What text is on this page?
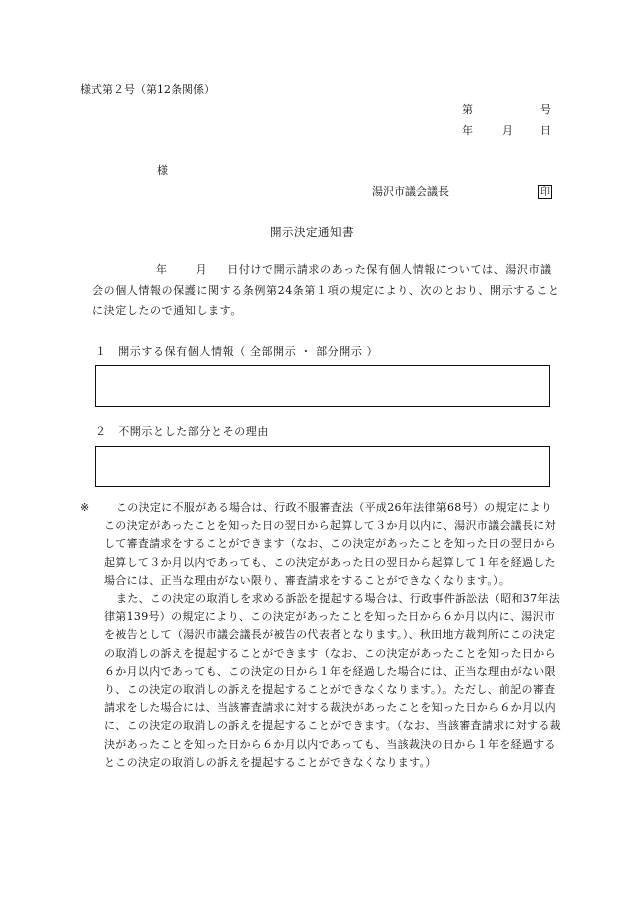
様式第２号（第12条関係）
第	号
年	月 日
様
湯沢市議会議長	印
開示決定通知書
年	月 日付けで開示請求のあった保有個人情報については、湯沢市議会の個人情報の保護に関する条例第24条第１項の規定により、次のとおり、開示することに決定したので通知します。
１　開示する保有個人情報（ 全部開示 ・ 部分開示 ）
２　不開示とした部分とその理由
※	この決定に不服がある場合は、行政不服審査法（平成26年法律第68号）の規定によりこの決定があったことを知った日の翌日から起算して３か月以内に、湯沢市議会議長に対して審査請求をすることができます（なお、この決定があったことを知った日の翌日から起算して３か月以内であっても、この決定があった日の翌日から起算して１年を経過した場合には、正当な理由がない限り、審査請求をすることができなくなります。）。
また、この決定の取消しを求める訴訟を提起する場合は、行政事件訴訟法（昭和37年法律第139号）の規定により、この決定があったことを知った日から６か月以内に、湯沢市を被告として（湯沢市議会議長が被告の代表者となります。）、秋田地方裁判所にこの決定の取消しの訴えを提起することができます（なお、この決定があったことを知った日から６か月以内であっても、この決定の日から１年を経過した場合には、正当な理由がない限り、この決定の取消しの訴えを提起することができなくなります。）。ただし、前記の審査請求をした場合には、当該審査請求に対する裁決があったことを知った日から６か月以内に、この決定の取消しの訴えを提起することができます。（なお、当該審査請求に対する裁決があったことを知った日から６か月以内であっても、当該裁決の日から１年を経過するとこの決定の取消しの訴えを提起することができなくなります。）
